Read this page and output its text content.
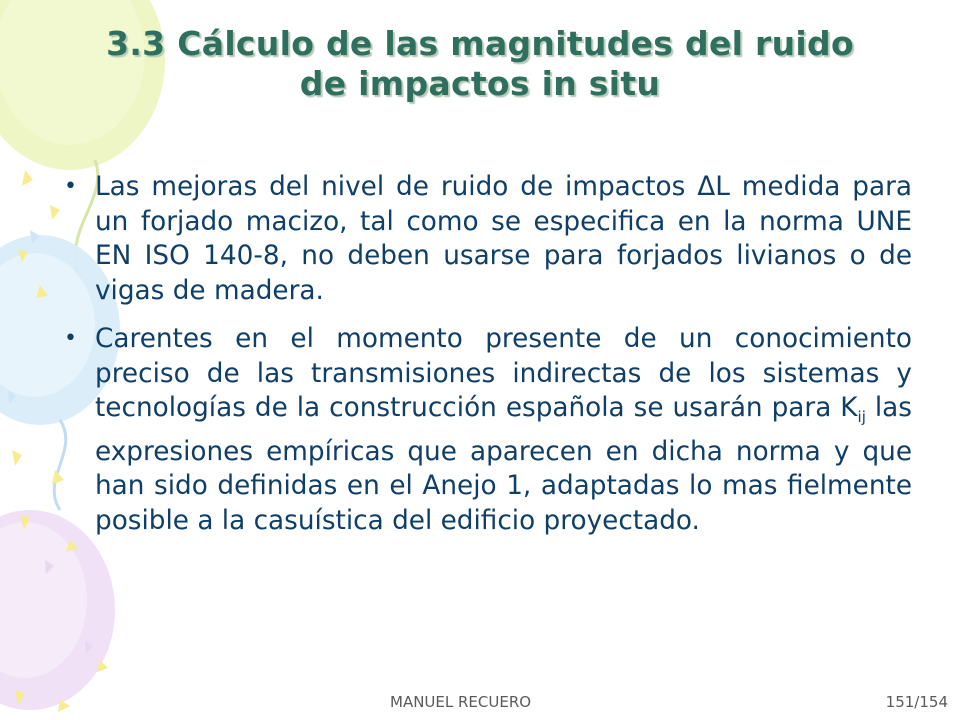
3.3 Cálculo de las magnitudes del ruido
de impactos in situ
• Las mejoras del nivel de ruido de impactos ΔL medida para un forjado macizo, tal como se especifica en la norma UNE EN ISO 140-8, no deben usarse para forjados livianos o de vigas de madera.
• Carentes en el momento presente de un conocimiento preciso de las transmisiones indirectas de los sistemas y tecnologías de la construcción española se usarán para $K_{ij}$ las expresiones empíricas que aparecen en dicha norma y que han sido definidas en el Anejo 1, adaptadas lo mas fielmente posible a la casuística del edificio proyectado.
MANUEL RECUERO	151/154
